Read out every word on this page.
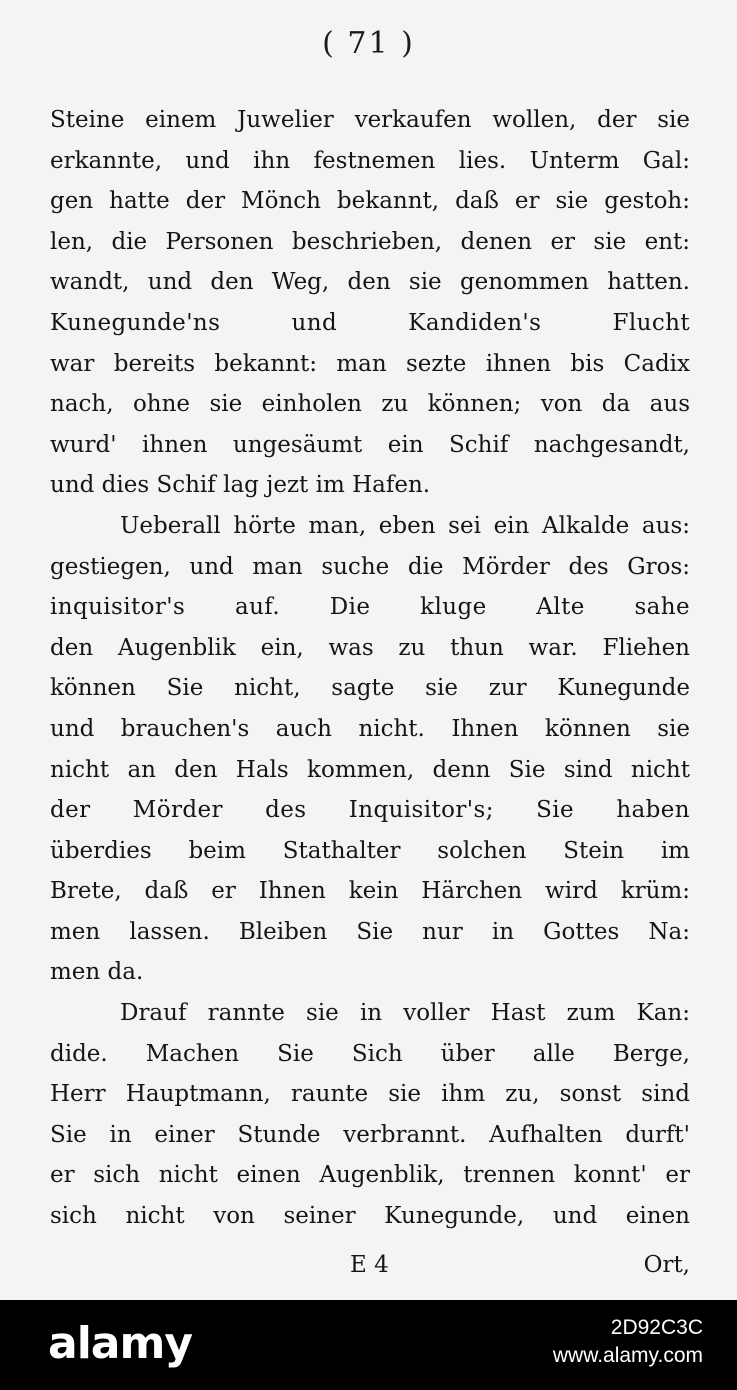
( 71 )
Steine einem Juwelier verkaufen wollen, der sie
erkannte, und ihn festnemen lies. Unterm Gal:
gen hatte der Mönch bekannt, daß er sie gestoh:
len, die Personen beschrieben, denen er sie ent:
wandt, und den Weg, den sie genommen hatten.
Kunegunde'ns und Kandiden's Flucht
war bereits bekannt: man sezte ihnen bis Cadix
nach, ohne sie einholen zu können; von da aus
wurd' ihnen ungesäumt ein Schif nachgesandt,
und dies Schif lag jezt im Hafen.
Ueberall hörte man, eben sei ein Alkalde aus:
gestiegen, und man suche die Mörder des Gros:
inquisitor's auf. Die kluge Alte sahe
den Augenblik ein, was zu thun war. Fliehen
können Sie nicht, sagte sie zur Kunegunde
und brauchen's auch nicht. Ihnen können sie
nicht an den Hals kommen, denn Sie sind nicht
der Mörder des Inquisitor's; Sie haben
überdies beim Stathalter solchen Stein im
Brete, daß er Ihnen kein Härchen wird krüm:
men lassen. Bleiben Sie nur in Gottes Na:
men da.
Drauf rannte sie in voller Hast zum Kan:
dide. Machen Sie Sich über alle Berge,
Herr Hauptmann, raunte sie ihm zu, sonst sind
Sie in einer Stunde verbrannt. Aufhalten durft'
er sich nicht einen Augenblik, trennen konnt' er
sich nicht von seiner Kunegunde, und einen
E 4	Ort,
alamy	2D92C3C
www.alamy.com
